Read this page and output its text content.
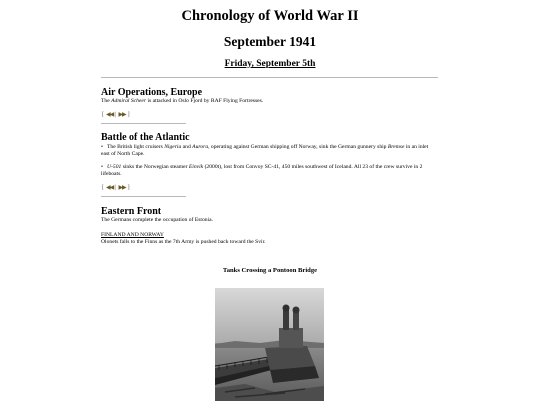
Chronology of World War II
September 1941
Friday, September 5th
Air Operations, Europe
The Admiral Scheer is attacked in Oslo Fjord by RAF Flying Fortresses.
[ ◀◀ | ▶▶ ]
Battle of the Atlantic
• The British light cruisers Nigeria and Aurora, operating against German shipping off Norway, sink the German gunnery ship Bremse in an inlet east of North Cape.
• U-501 sinks the Norwegian steamer Einvik (2000t), lost from Convoy SC-41, 450 miles southwest of Iceland. All 23 of the crew survive in 2 lifeboats.
[ ◀◀ | ▶▶ ]
Eastern Front
The Germans complete the occupation of Estonia.
FINLAND AND NORWAY
Olonets falls to the Finns as the 7th Army is pushed back toward the Svir.
Tanks Crossing a Pontoon Bridge
